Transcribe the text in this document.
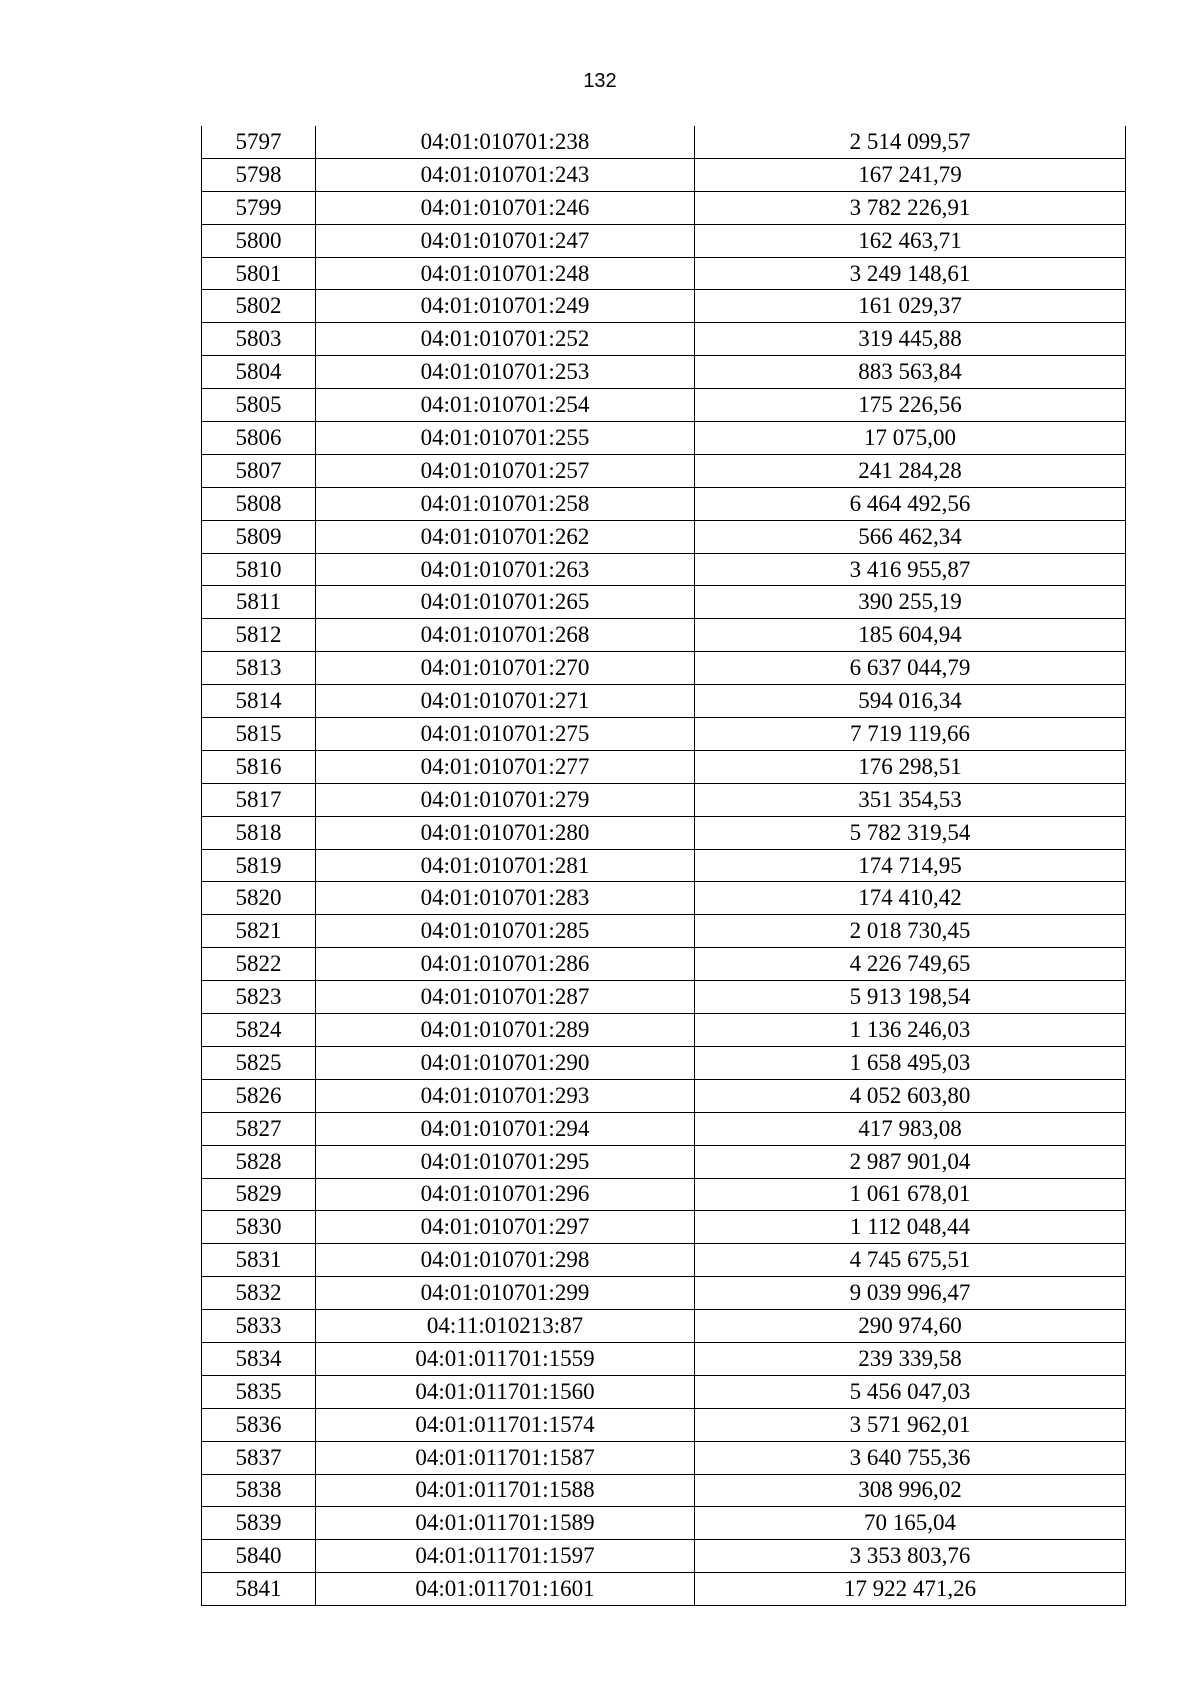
132
5797	04:01:010701:238	2 514 099,57
5798	04:01:010701:243	167 241,79
5799	04:01:010701:246	3 782 226,91
5800	04:01:010701:247	162 463,71
5801	04:01:010701:248	3 249 148,61
5802	04:01:010701:249	161 029,37
5803	04:01:010701:252	319 445,88
5804	04:01:010701:253	883 563,84
5805	04:01:010701:254	175 226,56
5806	04:01:010701:255	17 075,00
5807	04:01:010701:257	241 284,28
5808	04:01:010701:258	6 464 492,56
5809	04:01:010701:262	566 462,34
5810	04:01:010701:263	3 416 955,87
5811	04:01:010701:265	390 255,19
5812	04:01:010701:268	185 604,94
5813	04:01:010701:270	6 637 044,79
5814	04:01:010701:271	594 016,34
5815	04:01:010701:275	7 719 119,66
5816	04:01:010701:277	176 298,51
5817	04:01:010701:279	351 354,53
5818	04:01:010701:280	5 782 319,54
5819	04:01:010701:281	174 714,95
5820	04:01:010701:283	174 410,42
5821	04:01:010701:285	2 018 730,45
5822	04:01:010701:286	4 226 749,65
5823	04:01:010701:287	5 913 198,54
5824	04:01:010701:289	1 136 246,03
5825	04:01:010701:290	1 658 495,03
5826	04:01:010701:293	4 052 603,80
5827	04:01:010701:294	417 983,08
5828	04:01:010701:295	2 987 901,04
5829	04:01:010701:296	1 061 678,01
5830	04:01:010701:297	1 112 048,44
5831	04:01:010701:298	4 745 675,51
5832	04:01:010701:299	9 039 996,47
5833	04:11:010213:87	290 974,60
5834	04:01:011701:1559	239 339,58
5835	04:01:011701:1560	5 456 047,03
5836	04:01:011701:1574	3 571 962,01
5837	04:01:011701:1587	3 640 755,36
5838	04:01:011701:1588	308 996,02
5839	04:01:011701:1589	70 165,04
5840	04:01:011701:1597	3 353 803,76
5841	04:01:011701:1601	17 922 471,26
